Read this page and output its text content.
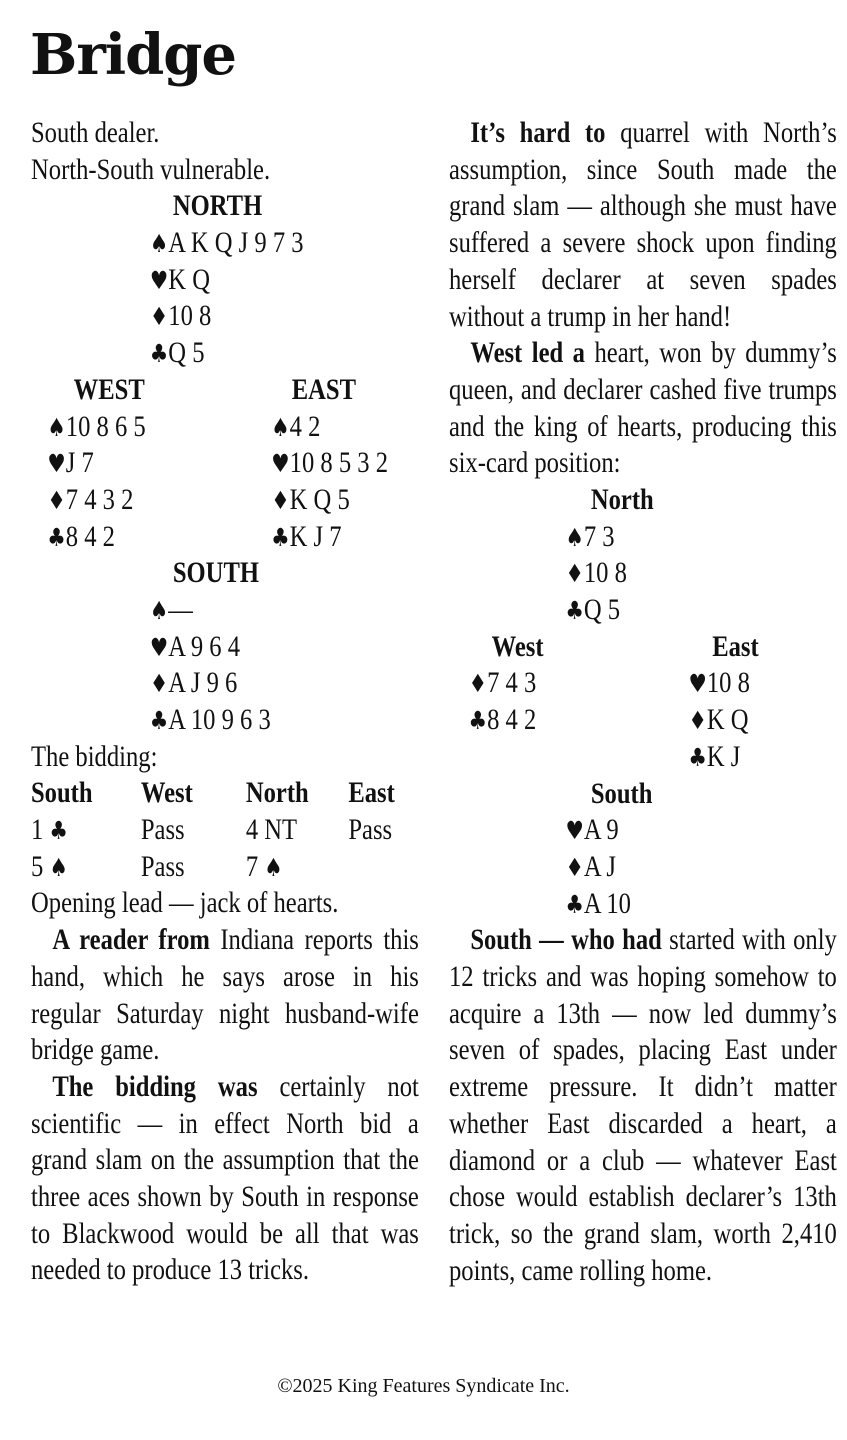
Bridge
South dealer.
North-South vulnerable.
NORTH
♠A K Q J 9 7 3
♥K Q
♦10 8
♣Q 5
WEST	EAST
♠10 8 6 5	♠4 2
♥J 7	♥10 8 5 3 2
♦7 4 3 2	♦K Q 5
♣8 4 2	♣K J 7
SOUTH
♠—
♥A 9 6 4
♦A J 9 6
♣A 10 9 6 3
The bidding:
South West North East
1 ♣ Pass 4 NT Pass
5 ♠ Pass 7 ♠
Opening lead — jack of hearts.
A reader from Indiana reports this hand, which he says arose in his regular Saturday night husband-wife bridge game.
The bidding was certainly not scientific — in effect North bid a grand slam on the assumption that the three aces shown by South in response to Blackwood would be all that was needed to produce 13 tricks.
It’s hard to quarrel with North’s assumption, since South made the grand slam — although she must have suffered a severe shock upon finding herself declarer at seven spades without a trump in her hand!
West led a heart, won by dummy’s queen, and declarer cashed five trumps and the king of hearts, producing this six-card position:
North
♠7 3
♦10 8
♣Q 5
West	East
♦7 4 3	♥10 8
♣8 4 2	♦K Q
♣K J
South
♥A 9
♦A J
♣A 10
South — who had started with only 12 tricks and was hoping somehow to acquire a 13th — now led dummy’s seven of spades, placing East under extreme pressure. It didn’t matter whether East discarded a heart, a diamond or a club — whatever East chose would establish declarer’s 13th trick, so the grand slam, worth 2,410 points, came rolling home.
©2025 King Features Syndicate Inc.
